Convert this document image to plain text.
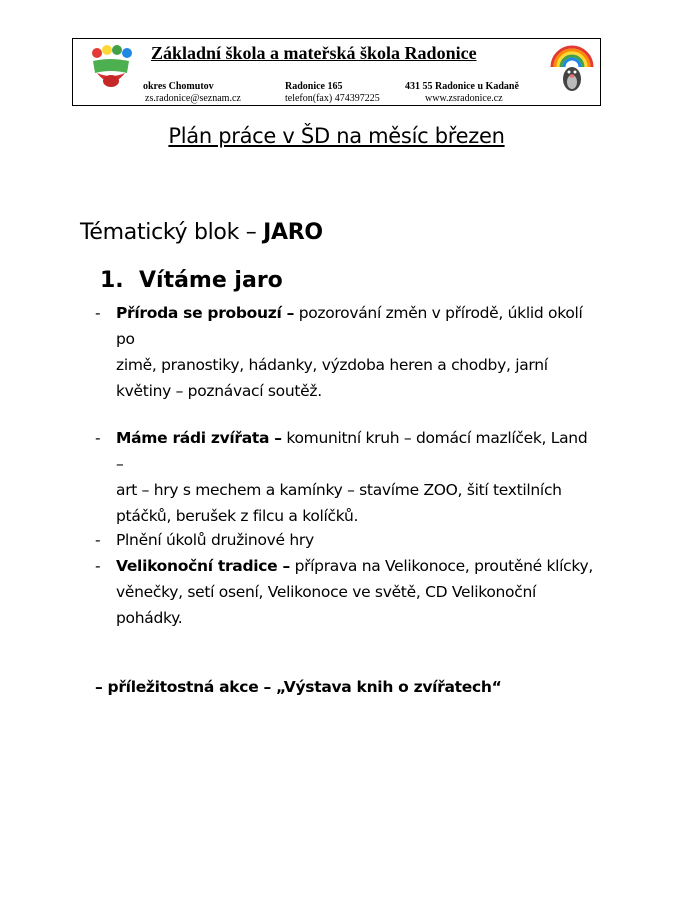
Základní škola a mateřská škola Radonice
okres Chomutov	Radonice 165	431 55 Radonice u Kadaně
zs.radonice@seznam.cz	telefon(fax) 474397225	www.zsradonice.cz
Plán práce v ŠD na měsíc březen
Tématický blok – JARO
1. Vítáme jaro
- Příroda se probouzí – pozorování změn v přírodě, úklid okolí po
zimě, pranostiky, hádanky, výzdoba heren a chodby, jarní
květiny – poznávací soutěž.
- Máme rádi zvířata – komunitní kruh – domácí mazlíček, Land –
art – hry s mechem a kamínky – stavíme ZOO, šití textilních
ptáčků, berušek z filcu a kolíčků.
- Plnění úkolů družinové hry
- Velikonoční tradice – příprava na Velikonoce, proutěné klícky,
věnečky, setí osení, Velikonoce ve světě, CD Velikonoční
pohádky.
– příležitostná akce – „Výstava knih o zvířatech“
